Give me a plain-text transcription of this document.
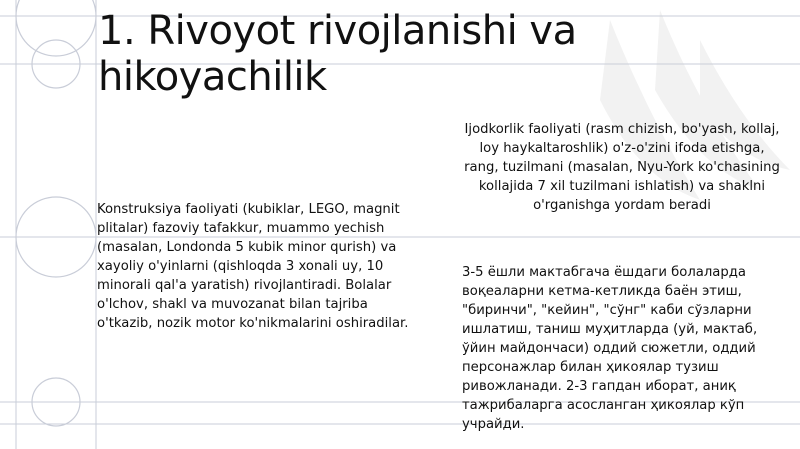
1. Rivoyot rivojlanishi va hikoyachilik
Konstruksiya faoliyati (kubiklar, LEGO, magnit plitalar) fazoviy tafakkur, muammo yechish (masalan, Londonda 5 kubik minor qurish) va xayoliy o'yinlarni (qishloqda 3 xonali uy, 10 minorali qal'a yaratish) rivojlantiradi. Bolalar o'lchov, shakl va muvozanat bilan tajriba o'tkazib, nozik motor ko'nikmalarini oshiradilar.
Ijodkorlik faoliyati (rasm chizish, bo'yash, kollaj, loy haykaltaroshlik) o'z-o'zini ifoda etishga, rang, tuzilmani (masalan, Nyu-York ko'chasining kollajida 7 xil tuzilmani ishlatish) va shaklni o'rganishga yordam beradi
3-5 ёшли мактабгача ёшдаги болаларда воқеаларни кетма-кетликда баён этиш, "биринчи", "кейин", "сўнг" каби сўзларни ишлатиш, таниш муҳитларда (уй, мактаб, ўйин майдончаси) оддий сюжетли, оддий персонажлар билан ҳикоялар тузиш ривожланади. 2-3 гапдан иборат, аниқ тажрибаларга асосланган ҳикоялар кўп учрайди.
